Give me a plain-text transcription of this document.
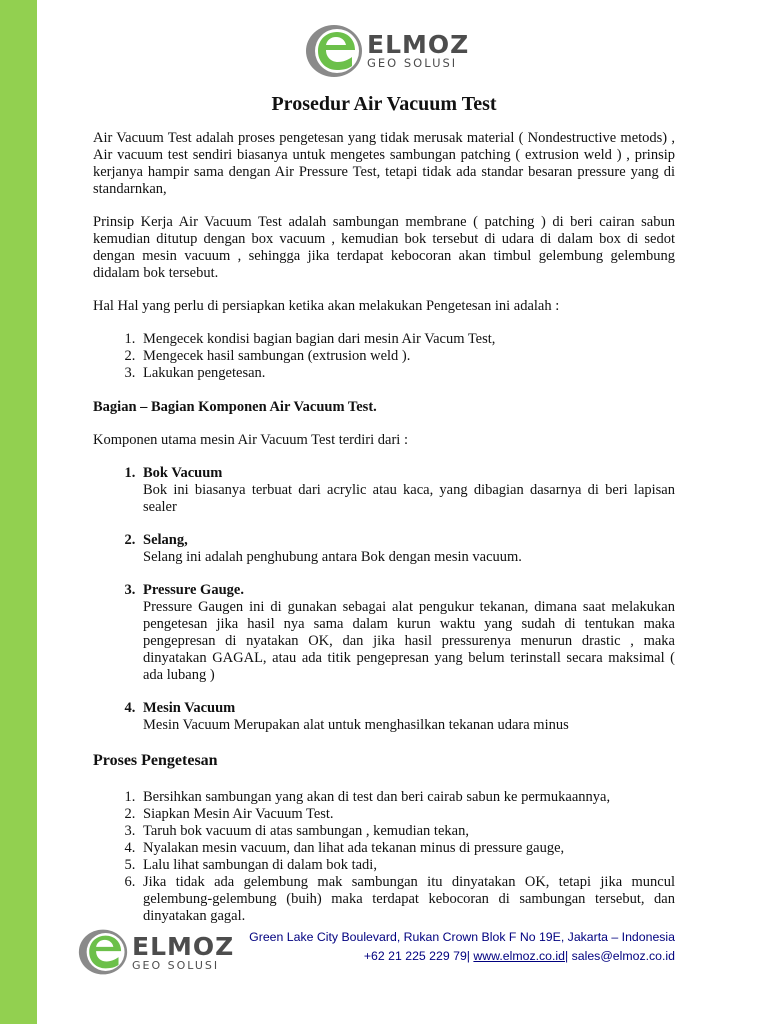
ELMOZ
GEO SOLUSI
Prosedur Air Vacuum Test

Air Vacuum Test adalah proses pengetesan yang tidak merusak material ( Nondestructive metods) , Air vacuum test sendiri biasanya untuk mengetes sambungan patching ( extrusion weld ) , prinsip kerjanya hampir sama dengan Air Pressure Test, tetapi tidak ada standar besaran pressure yang di standarnkan,

Prinsip Kerja Air Vacuum Test adalah sambungan membrane ( patching ) di beri cairan sabun kemudian ditutup dengan box vacuum , kemudian bok tersebut di udara di dalam box di sedot dengan mesin vacuum , sehingga jika terdapat kebocoran akan timbul gelembung gelembung didalam bok tersebut.

Hal Hal yang perlu di persiapkan ketika akan melakukan Pengetesan ini adalah :

1. Mengecek kondisi bagian bagian dari mesin Air Vacum Test,
2. Mengecek hasil sambungan (extrusion weld ).
3. Lakukan pengetesan.
Bagian – Bagian Komponen Air Vacuum Test.

Komponen utama mesin Air Vacuum Test terdiri dari :

1. Bok Vacuum
Bok ini biasanya terbuat dari acrylic atau kaca, yang dibagian dasarnya di beri lapisan sealer
2. Selang,
Selang ini adalah penghubung antara Bok dengan mesin vacuum.
3. Pressure Gauge.
Pressure Gaugen ini di gunakan sebagai alat pengukur tekanan, dimana saat melakukan pengetesan jika hasil nya sama dalam kurun waktu yang sudah di tentukan maka pengepresan di nyatakan OK, dan jika hasil pressurenya menurun drastic , maka dinyatakan GAGAL, atau ada titik pengepresan yang belum terinstall secara maksimal ( ada lubang )
4. Mesin Vacuum
Mesin Vacuum Merupakan alat untuk menghasilkan tekanan udara minus
Proses Pengetesan
1. Bersihkan sambungan yang akan di test dan beri cairab sabun ke permukaannya,
2. Siapkan Mesin Air Vacuum Test.
3. Taruh bok vacuum di atas sambungan , kemudian tekan,
4. Nyalakan mesin vacuum, dan lihat ada tekanan minus di pressure gauge,
5. Lalu lihat sambungan di dalam bok tadi,
6. Jika tidak ada gelembung mak sambungan itu dinyatakan OK, tetapi jika muncul gelembung-gelembung (buih) maka terdapat kebocoran di sambungan tersebut, dan dinyatakan gagal.
ELMOZ
GEO SOLUSI
Green Lake City Boulevard, Rukan Crown Blok F No 19E, Jakarta – Indonesia
+62 21 225 229 79| www.elmoz.co.id| sales@elmoz.co.id
